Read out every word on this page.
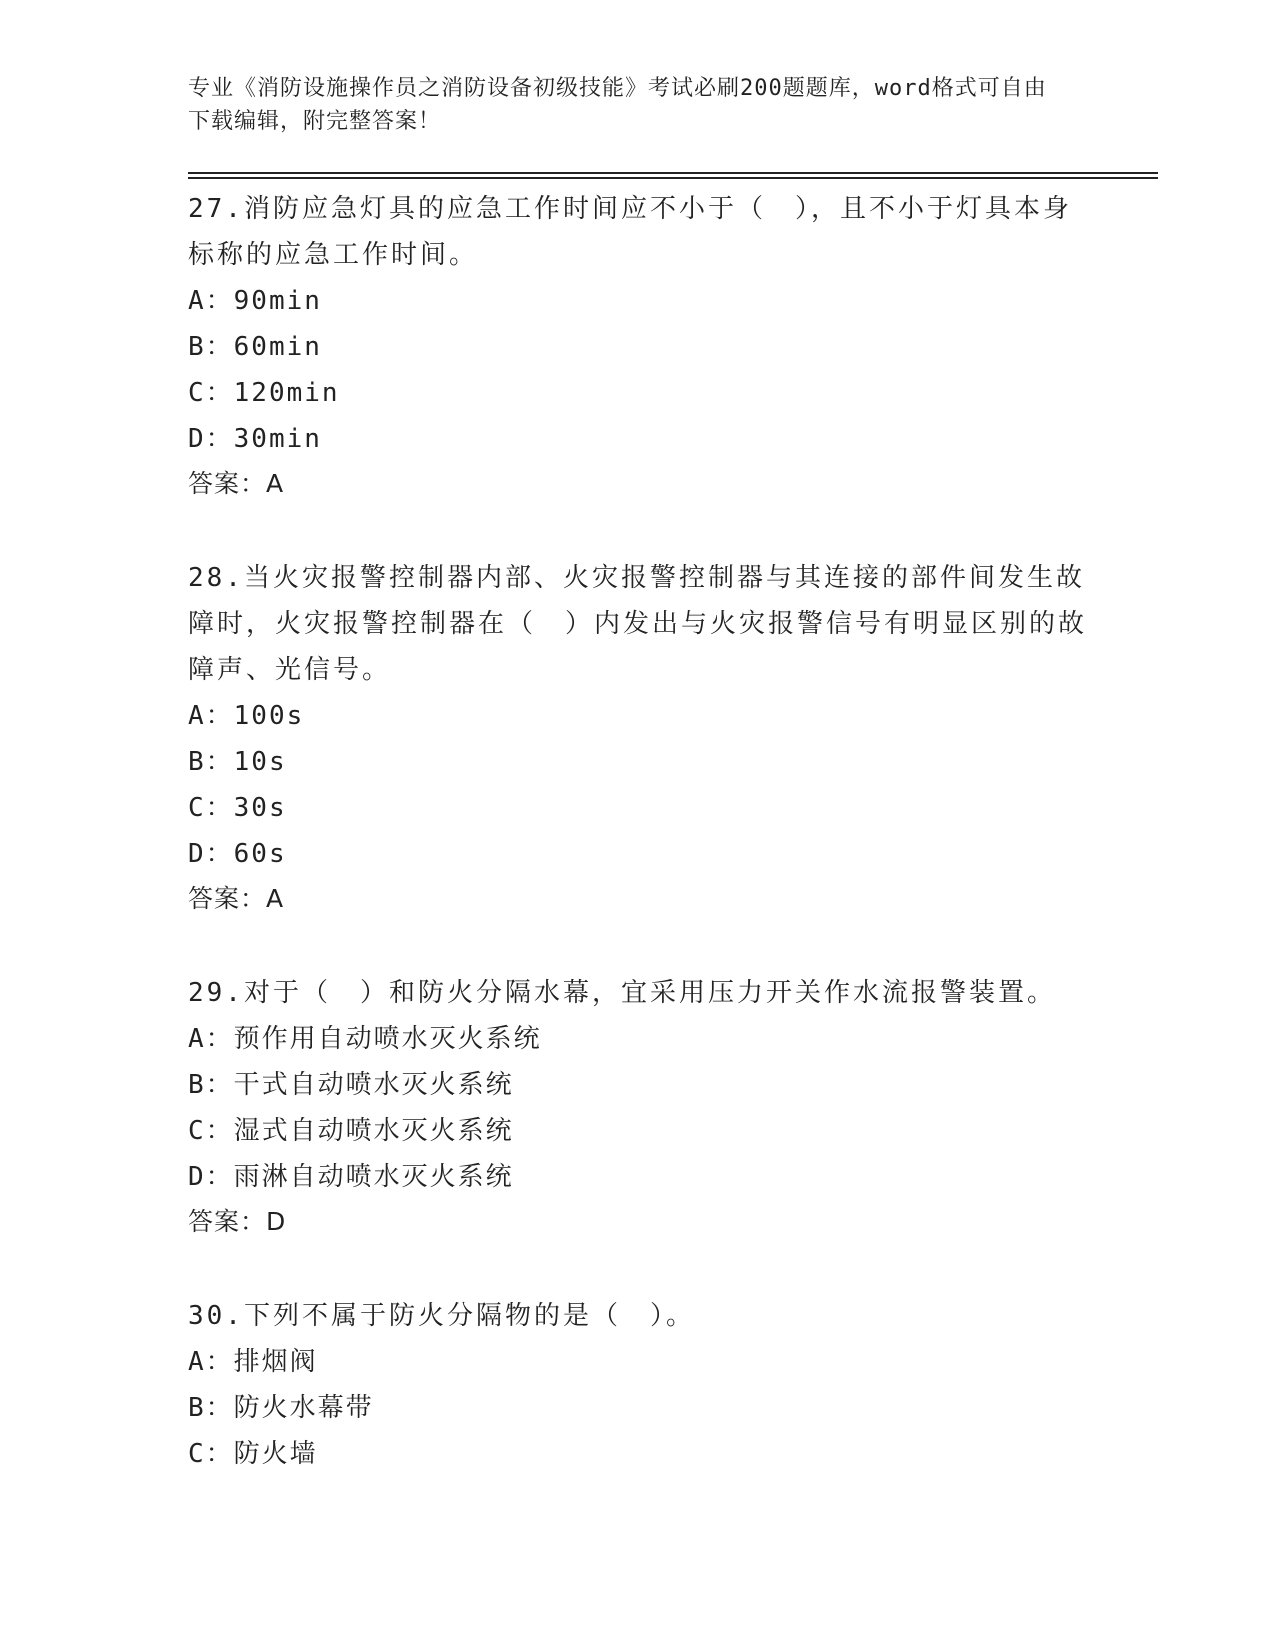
专业《消防设施操作员之消防设备初级技能》考试必刷200题题库，word格式可自由下载编辑，附完整答案！
27.消防应急灯具的应急工作时间应不小于（　），且不小于灯具本身标称的应急工作时间。
A：90min
B：60min
C：120min
D：30min
答案：A
28.当火灾报警控制器内部、火灾报警控制器与其连接的部件间发生故障时，火灾报警控制器在（　）内发出与火灾报警信号有明显区别的故障声、光信号。
A：100s
B：10s
C：30s
D：60s
答案：A
29.对于（　）和防火分隔水幕，宜采用压力开关作水流报警装置。
A：预作用自动喷水灭火系统
B：干式自动喷水灭火系统
C：湿式自动喷水灭火系统
D：雨淋自动喷水灭火系统
答案：D
30.下列不属于防火分隔物的是（　）。
A：排烟阀
B：防火水幕带
C：防火墙
